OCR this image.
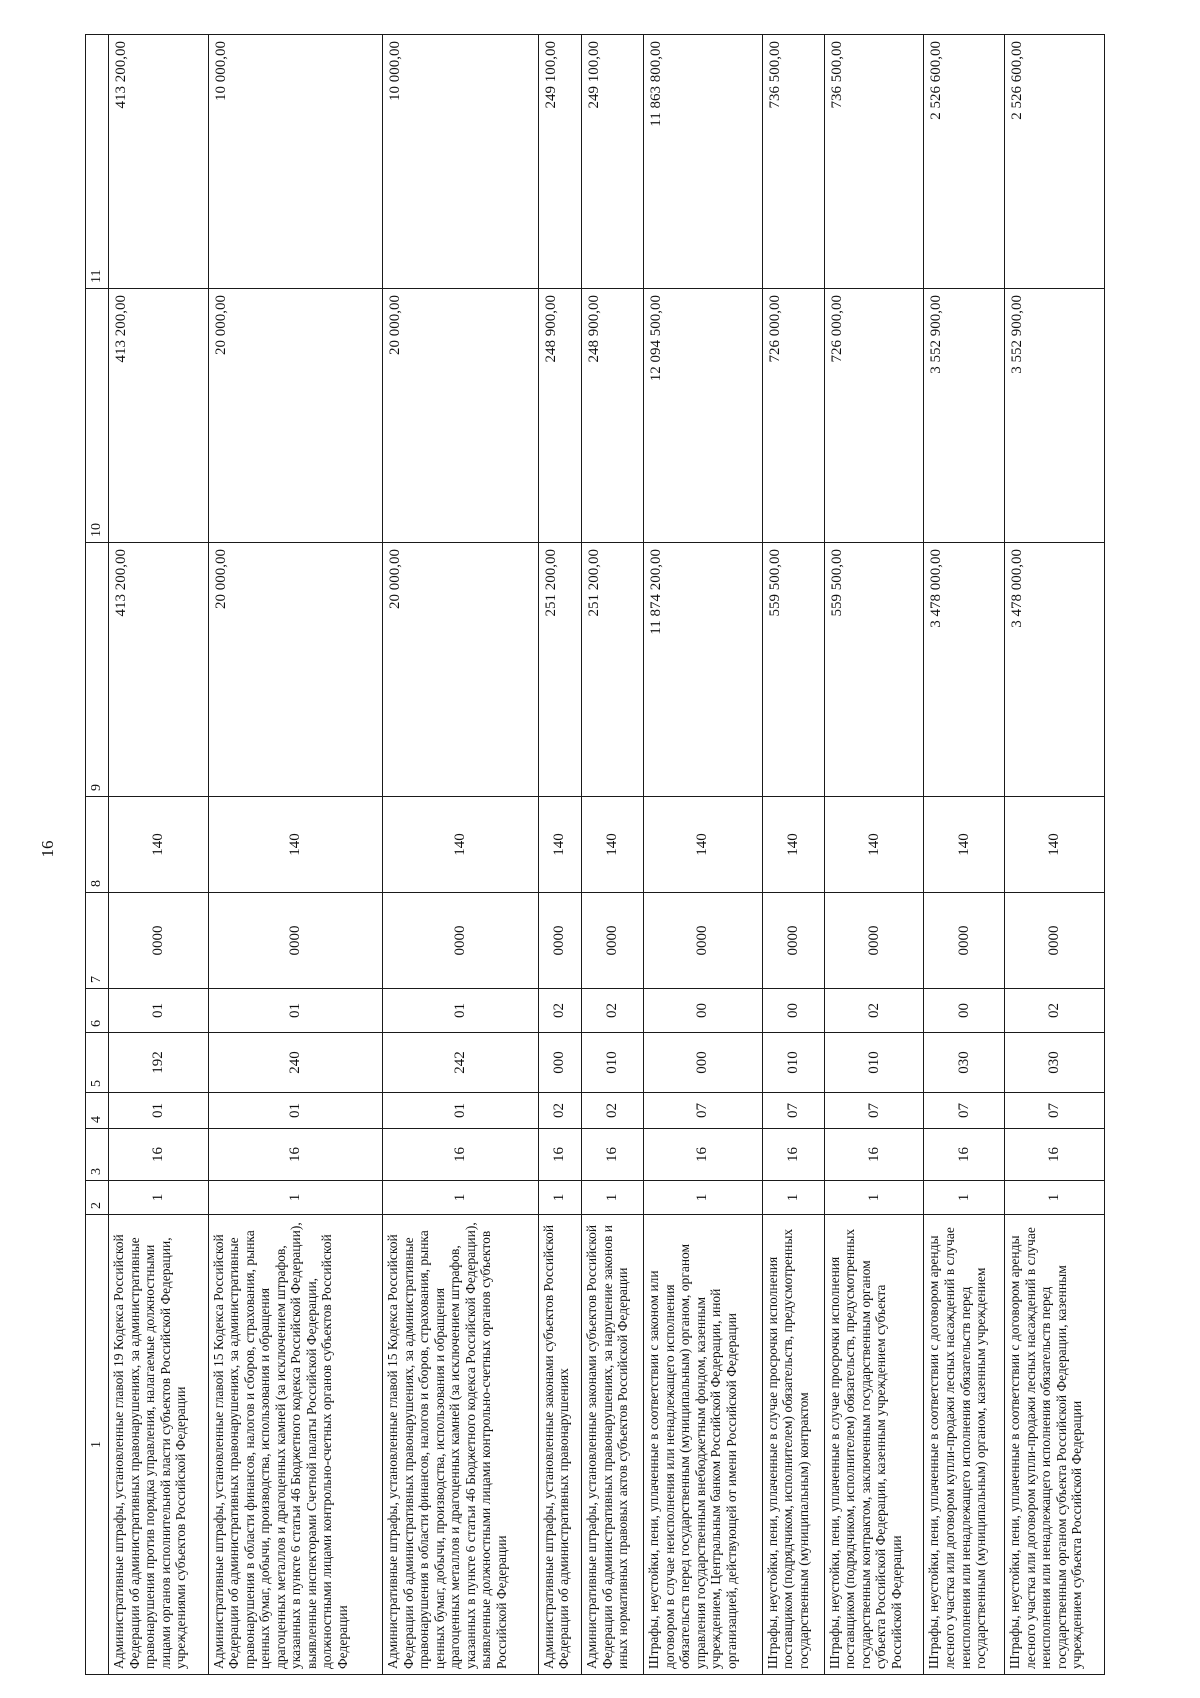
16
1	2	3	4	5	6	7	8	9	10	11
Административные штрафы, установленные главой 19 Кодекса Российской Федерации об административных правонарушениях, за административные правонарушения против порядка управления, налагаемые должностными лицами органов исполнительной власти субъектов Российской Федерации, учреждениями субъектов Российской Федерации	1	16	01	192	01	0000	140	413 200,00	413 200,00	413 200,00
Административные штрафы, установленные главой 15 Кодекса Российской Федерации об административных правонарушениях, за административные правонарушения в области финансов, налогов и сборов, страхования, рынка ценных бумаг, добычи, производства, использования и обращения драгоценных металлов и драгоценных камней (за исключением штрафов, указанных в пункте 6 статьи 46 Бюджетного кодекса Российской Федерации), выявленные инспекторами Счетной палаты Российской Федерации, должностными лицами контрольно-счетных органов субъектов Российской Федерации	1	16	01	240	01	0000	140	20 000,00	20 000,00	10 000,00
Административные штрафы, установленные главой 15 Кодекса Российской Федерации об административных правонарушениях, за административные правонарушения в области финансов, налогов и сборов, страхования, рынка ценных бумаг, добычи, производства, использования и обращения драгоценных металлов и драгоценных камней (за исключением штрафов, указанных в пункте 6 статьи 46 Бюджетного кодекса Российской Федерации), выявленные должностными лицами контрольно-счетных органов субъектов Российской Федерации	1	16	01	242	01	0000	140	20 000,00	20 000,00	10 000,00
Административные штрафы, установленные законами субъектов Российской Федерации об административных правонарушениях	1	16	02	000	02	0000	140	251 200,00	248 900,00	249 100,00
Административные штрафы, установленные законами субъектов Российской Федерации об административных правонарушениях, за нарушение законов и иных нормативных правовых актов субъектов Российской Федерации	1	16	02	010	02	0000	140	251 200,00	248 900,00	249 100,00
Штрафы, неустойки, пени, уплаченные в соответствии с законом или договором в случае неисполнения или ненадлежащего исполнения обязательств перед государственным (муниципальным) органом, органом управления государственным внебюджетным фондом, казенным учреждением, Центральным банком Российской Федерации, иной организацией, действующей от имени Российской Федерации	1	16	07	000	00	0000	140	11 874 200,00	12 094 500,00	11 863 800,00
Штрафы, неустойки, пени, уплаченные в случае просрочки исполнения поставщиком (подрядчиком, исполнителем) обязательств, предусмотренных государственным (муниципальным) контрактом	1	16	07	010	00	0000	140	559 500,00	726 000,00	736 500,00
Штрафы, неустойки, пени, уплаченные в случае просрочки исполнения поставщиком (подрядчиком, исполнителем) обязательств, предусмотренных государственным контрактом, заключенным государственным органом субъекта Российской Федерации, казенным учреждением субъекта Российской Федерации	1	16	07	010	02	0000	140	559 500,00	726 000,00	736 500,00
Штрафы, неустойки, пени, уплаченные в соответствии с договором аренды лесного участка или договором купли-продажи лесных насаждений в случае неисполнения или ненадлежащего исполнения обязательств перед государственным (муниципальным) органом, казенным учреждением	1	16	07	030	00	0000	140	3 478 000,00	3 552 900,00	2 526 600,00
Штрафы, неустойки, пени, уплаченные в соответствии с договором аренды лесного участка или договором купли-продажи лесных насаждений в случае неисполнения или ненадлежащего исполнения обязательств перед государственным органом субъекта Российской Федерации, казенным учреждением субъекта Российской Федерации	1	16	07	030	02	0000	140	3 478 000,00	3 552 900,00	2 526 600,00
